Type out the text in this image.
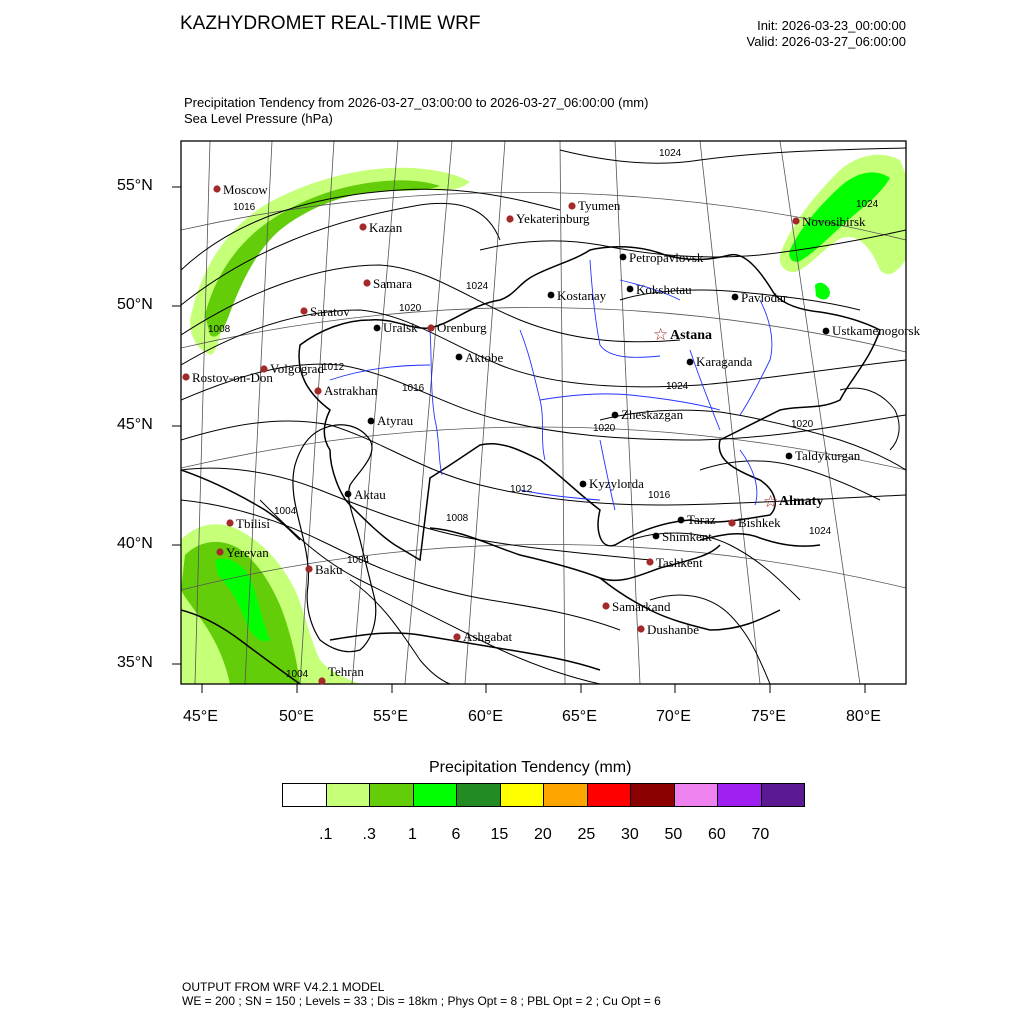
KAZHYDROMET REAL-TIME WRF	Init: 2026-03-23_00:00:00
Valid: 2026-03-27_06:00:00
Precipitation Tendency from 2026-03-27_03:00:00 to 2026-03-27_06:00:00 (mm)
Sea Level Pressure (hPa)
1024
1024
1016
1024
1020
1008
1012
1016	1024
1020
1020
1012
1016
1008
1004
1024
1004
1004
Moscow
Kazan
Tyumen
Yekaterinburg	Novosibirsk
Samara
Saratov
Orenburg
Volgograd
Rostov-on-Don
Astrakhan
Tbilisi
Yerevan
Baku
Tehran
Ashgabat
Samarkand
Dushanbe
Tashkent
Bishkek
Petropavlovsk
Kokshetau
Kostanay	Pavlodar
☆ Astana	Ustkamenogorsk
Uralsk
Aktobe	Karaganda
Atyrau	Zheskazgan
Taldykurgan
Aktau
Kyzylorda
☆ Almaty
Taraz
Shimkent
55°N
50°N
45°N
40°N
35°N
45°E	50°E	55°E	60°E	65°E	70°E	75°E	80°E
Precipitation Tendency (mm)
.1 .3 1 6 15 20 25 30 50 60 70
OUTPUT FROM WRF V4.2.1 MODEL
WE = 200 ; SN = 150 ; Levels = 33 ; Dis = 18km ; Phys Opt = 8 ; PBL Opt = 2 ; Cu Opt = 6
